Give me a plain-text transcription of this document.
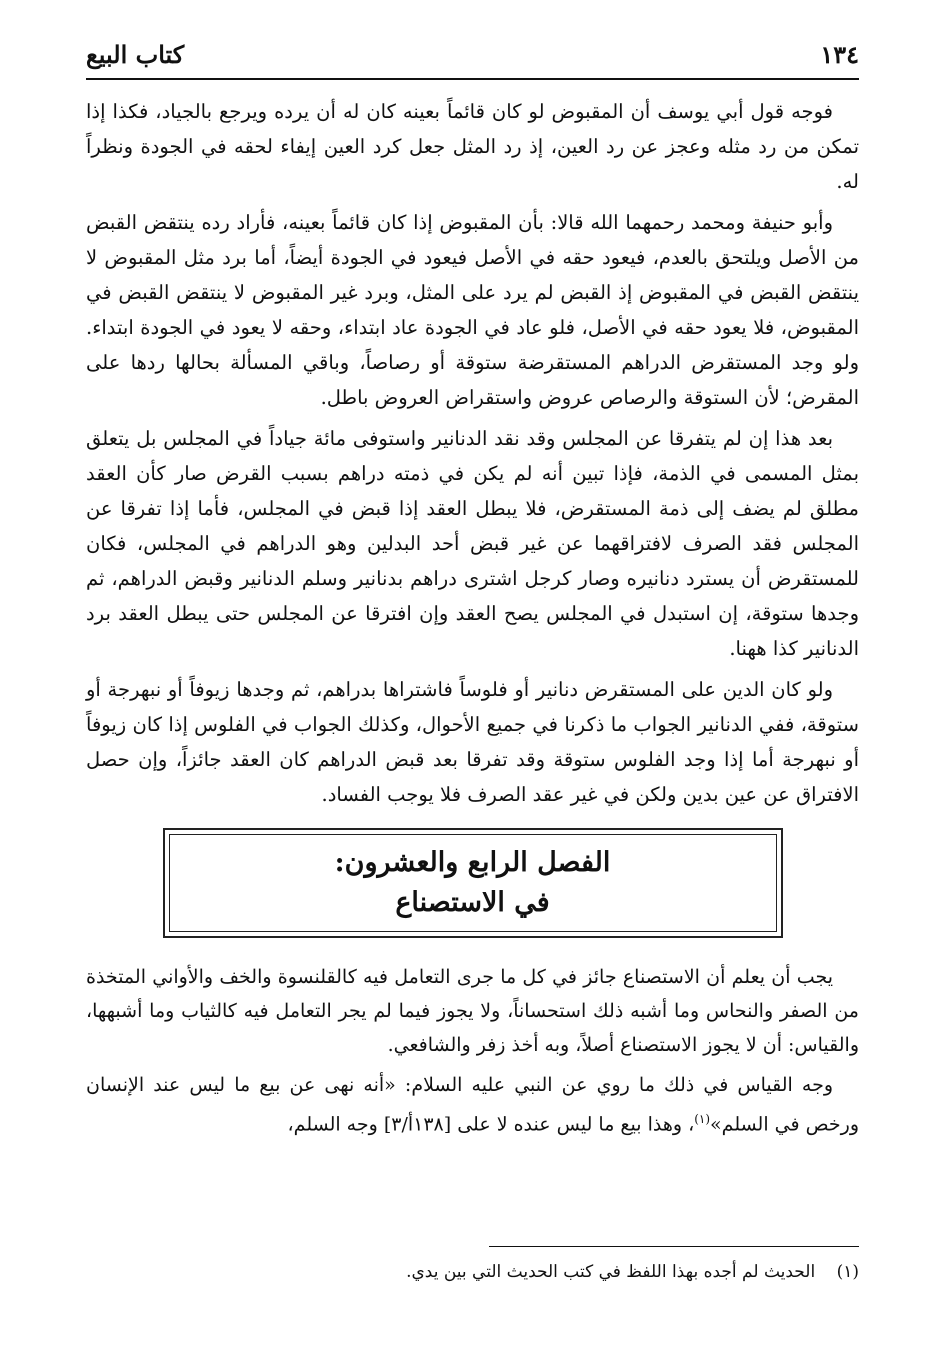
١٣٤
كتاب البيع

فوجه قول أبي يوسف أن المقبوض لو كان قائماً بعينه كان له أن يرده ويرجع بالجياد، فكذا إذا تمكن من رد مثله وعجز عن رد العين، إذ رد المثل جعل كرد العين إيفاء لحقه في الجودة ونظراً له.

وأبو حنيفة ومحمد رحمهما الله قالا: بأن المقبوض إذا كان قائماً بعينه، فأراد رده ينتقض القبض من الأصل ويلتحق بالعدم، فيعود حقه في الأصل فيعود في الجودة أيضاً، أما برد مثل المقبوض لا ينتقض القبض في المقبوض إذ القبض لم يرد على المثل، وبرد غير المقبوض لا ينتقض القبض في المقبوض، فلا يعود حقه في الأصل، فلو عاد في الجودة عاد ابتداء، وحقه لا يعود في الجودة ابتداء. ولو وجد المستقرض الدراهم المستقرضة ستوقة أو رصاصاً، وباقي المسألة بحالها ردها على المقرض؛ لأن الستوقة والرصاص عروض واستقراض العروض باطل.

بعد هذا إن لم يتفرقا عن المجلس وقد نقد الدنانير واستوفى مائة جياداً في المجلس بل يتعلق بمثل المسمى في الذمة، فإذا تبين أنه لم يكن في ذمته دراهم بسبب القرض صار كأن العقد مطلق لم يضف إلى ذمة المستقرض، فلا يبطل العقد إذا قبض في المجلس، فأما إذا تفرقا عن المجلس فقد الصرف لافتراقهما عن غير قبض أحد البدلين وهو الدراهم في المجلس، فكان للمستقرض أن يسترد دنانيره وصار كرجل اشترى دراهم بدنانير وسلم الدنانير وقبض الدراهم، ثم وجدها ستوقة، إن استبدل في المجلس يصح العقد وإن افترقا عن المجلس حتى يبطل العقد برد الدنانير كذا ههنا.

ولو كان الدين على المستقرض دنانير أو فلوساً فاشتراها بدراهم، ثم وجدها زيوفاً أو نبهرجة أو ستوقة، ففي الدنانير الجواب ما ذكرنا في جميع الأحوال، وكذلك الجواب في الفلوس إذا كان زيوفاً أو نبهرجة أما إذا وجد الفلوس ستوقة وقد تفرقا بعد قبض الدراهم كان العقد جائزاً، وإن حصل الافتراق عن عين بدين ولكن في غير عقد الصرف فلا يوجب الفساد.

الفصل الرابع والعشرون:
في الاستصناع

يجب أن يعلم أن الاستصناع جائز في كل ما جرى التعامل فيه كالقلنسوة والخف والأواني المتخذة من الصفر والنحاس وما أشبه ذلك استحساناً، ولا يجوز فيما لم يجر التعامل فيه كالثياب وما أشبهها، والقياس: أن لا يجوز الاستصناع أصلاً، وبه أخذ زفر والشافعي.

وجه القياس في ذلك ما روي عن النبي عليه السلام: «أنه نهى عن بيع ما ليس عند الإنسان ورخص في السلم»$^{(١)}$، وهذا بيع ما ليس عنده لا على [١٣٨أ/٣] وجه السلم،

(١) الحديث لم أجده بهذا اللفظ في كتب الحديث التي بين يدي.
